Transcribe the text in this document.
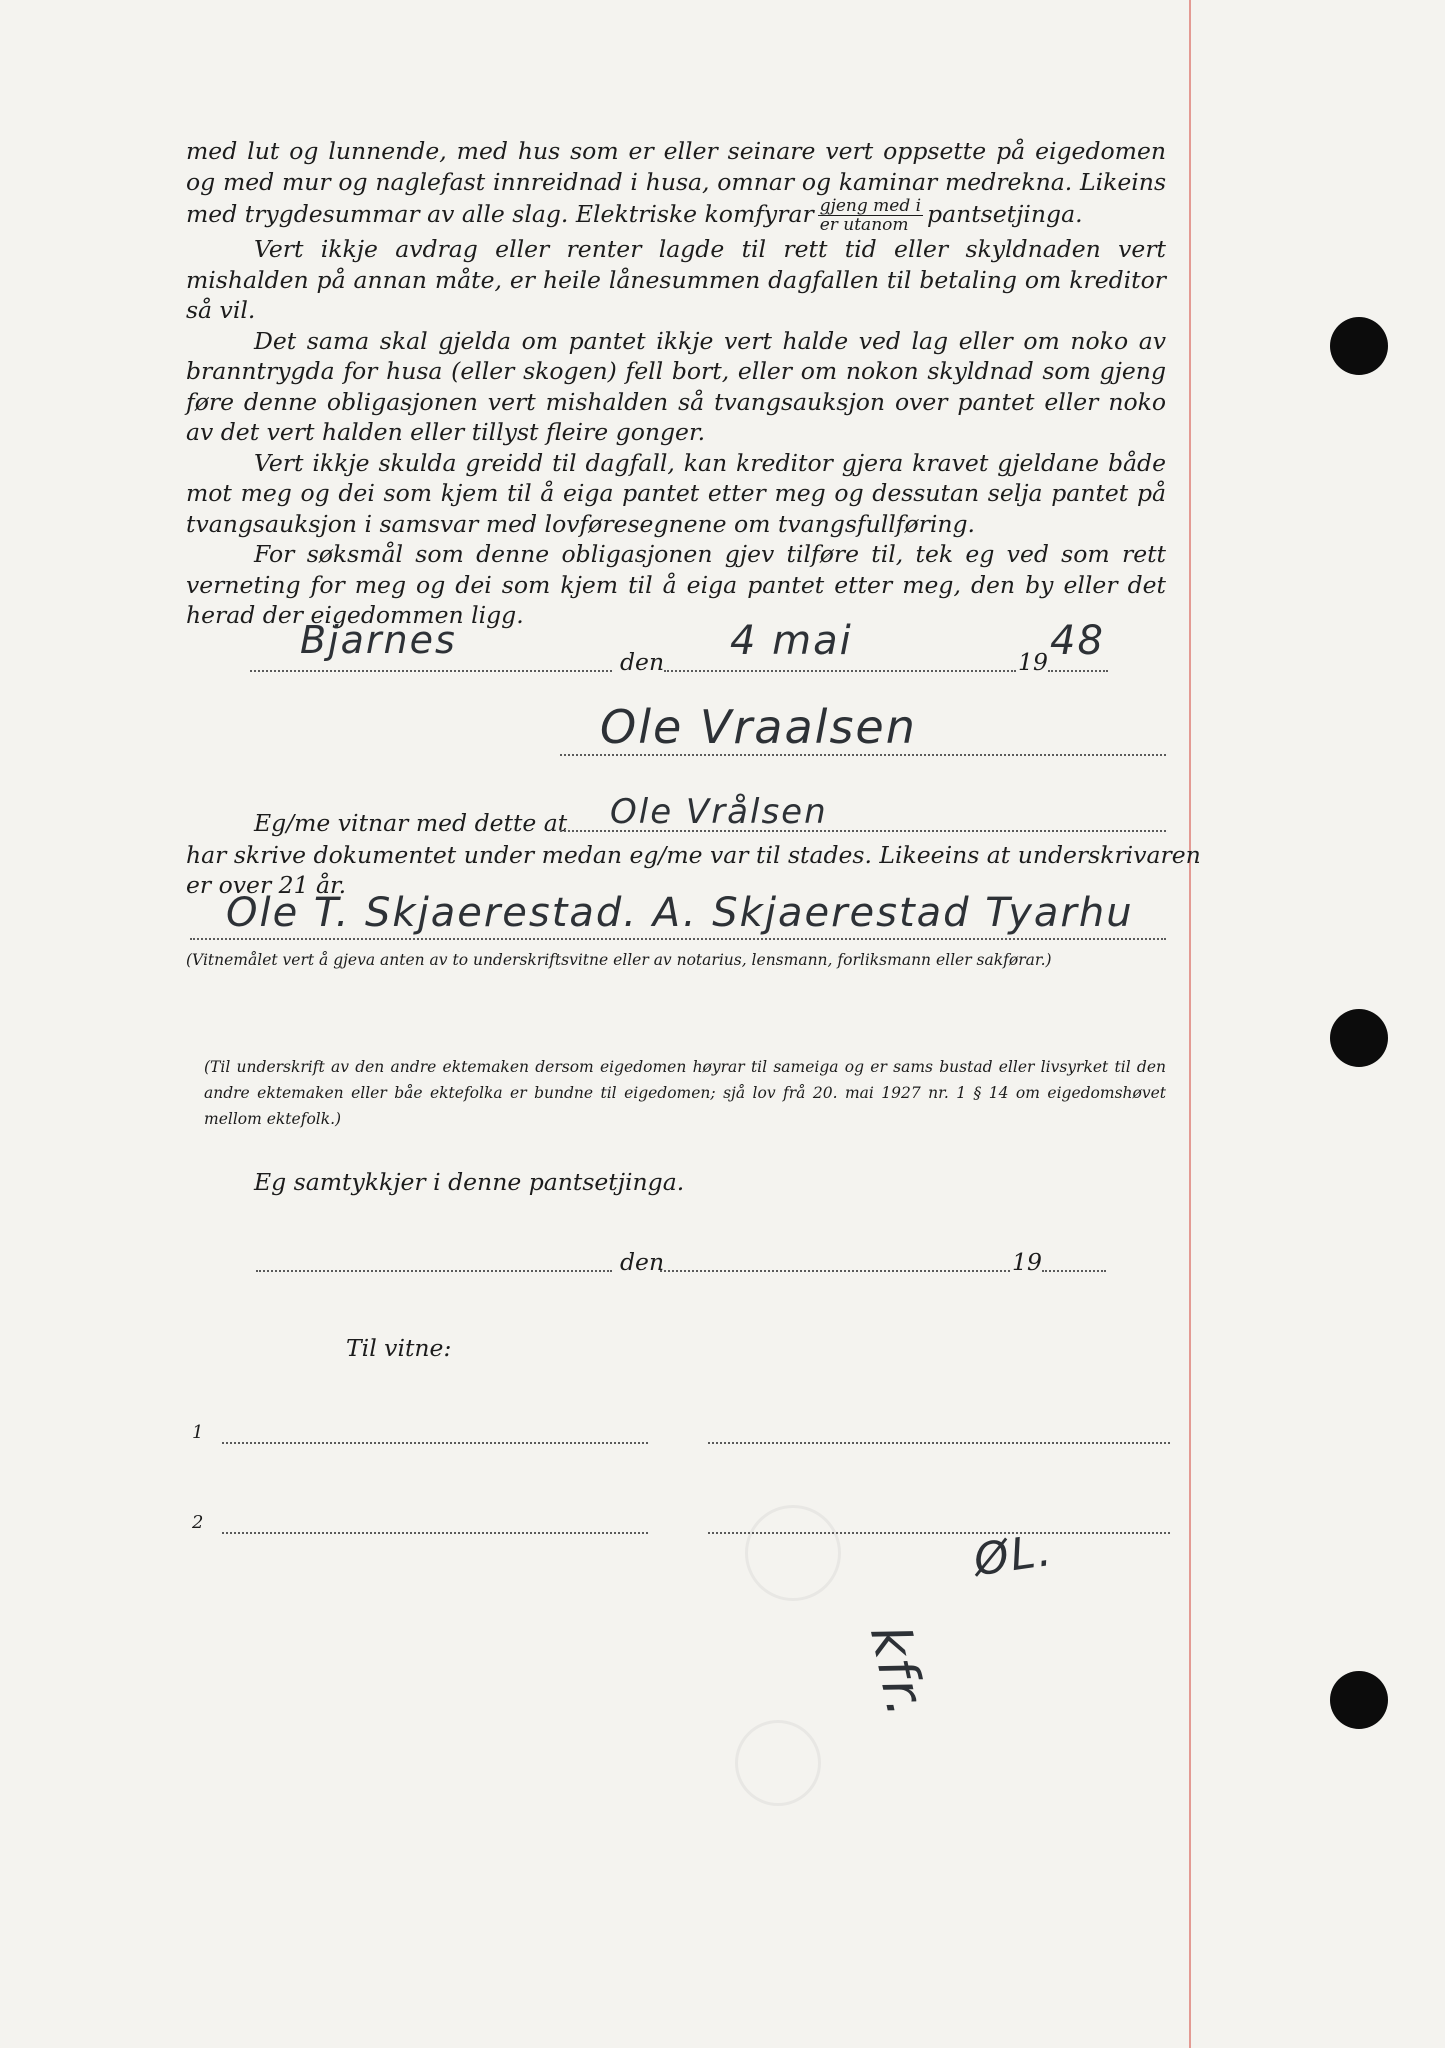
med lut og lunnende, med hus som er eller seinare vert oppsette på eigedomen og med mur og naglefast innreidnad i husa, omnar og kaminar medrekna. Likeins med trygdesummar av alle slag. Elektriske komfyrar $\frac{\text{gjeng med i}}{\text{er utanom}}$ pantsetjinga.

Vert ikkje avdrag eller renter lagde til rett tid eller skyldnaden vert mishalden på annan måte, er heile lånesummen dagfallen til betaling om kreditor så vil.

Det sama skal gjelda om pantet ikkje vert halde ved lag eller om noko av branntrygda for husa (eller skogen) fell bort, eller om nokon skyldnad som gjeng føre denne obligasjonen vert mishalden så tvangsauksjon over pantet eller noko av det vert halden eller tillyst fleire gonger.

Vert ikkje skulda greidd til dagfall, kan kreditor gjera kravet gjeldane både mot meg og dei som kjem til å eiga pantet etter meg og dessutan selja pantet på tvangsauksjon i samsvar med lovføresegnene om tvangsfullføring.

For søksmål som denne obligasjonen gjev tilføre til, tek eg ved som rett verneting for meg og dei som kjem til å eiga pantet etter meg, den by eller det herad der eigedommen ligg.

Bjarnes	den 4 mai	19 48
Ole Vraalsen
Eg/me vitnar med dette at Ole Vrålsen
har skrive dokumentet under medan eg/me var til stades. Likeeins at underskrivaren
er over 21 år.
Ole T. Skjaerestad. A. Skjaerestad Tyarhu
(Vitnemålet vert å gjeva anten av to underskriftsvitne eller av notarius, lensmann, forliksmann eller sakførar.)
(Til underskrift av den andre ektemaken dersom eigedomen høyrar til sameiga og er sams bustad eller livsyrket til den andre ektemaken eller båe ektefolka er bundne til eigedomen; sjå lov frå 20. mai 1927 nr. 1 § 14 om eigedomshøvet mellom ektefolk.)
Eg samtykkjer i denne pantsetjinga.
den	19
Til vitne:
1
2
ØL.
kfr.
